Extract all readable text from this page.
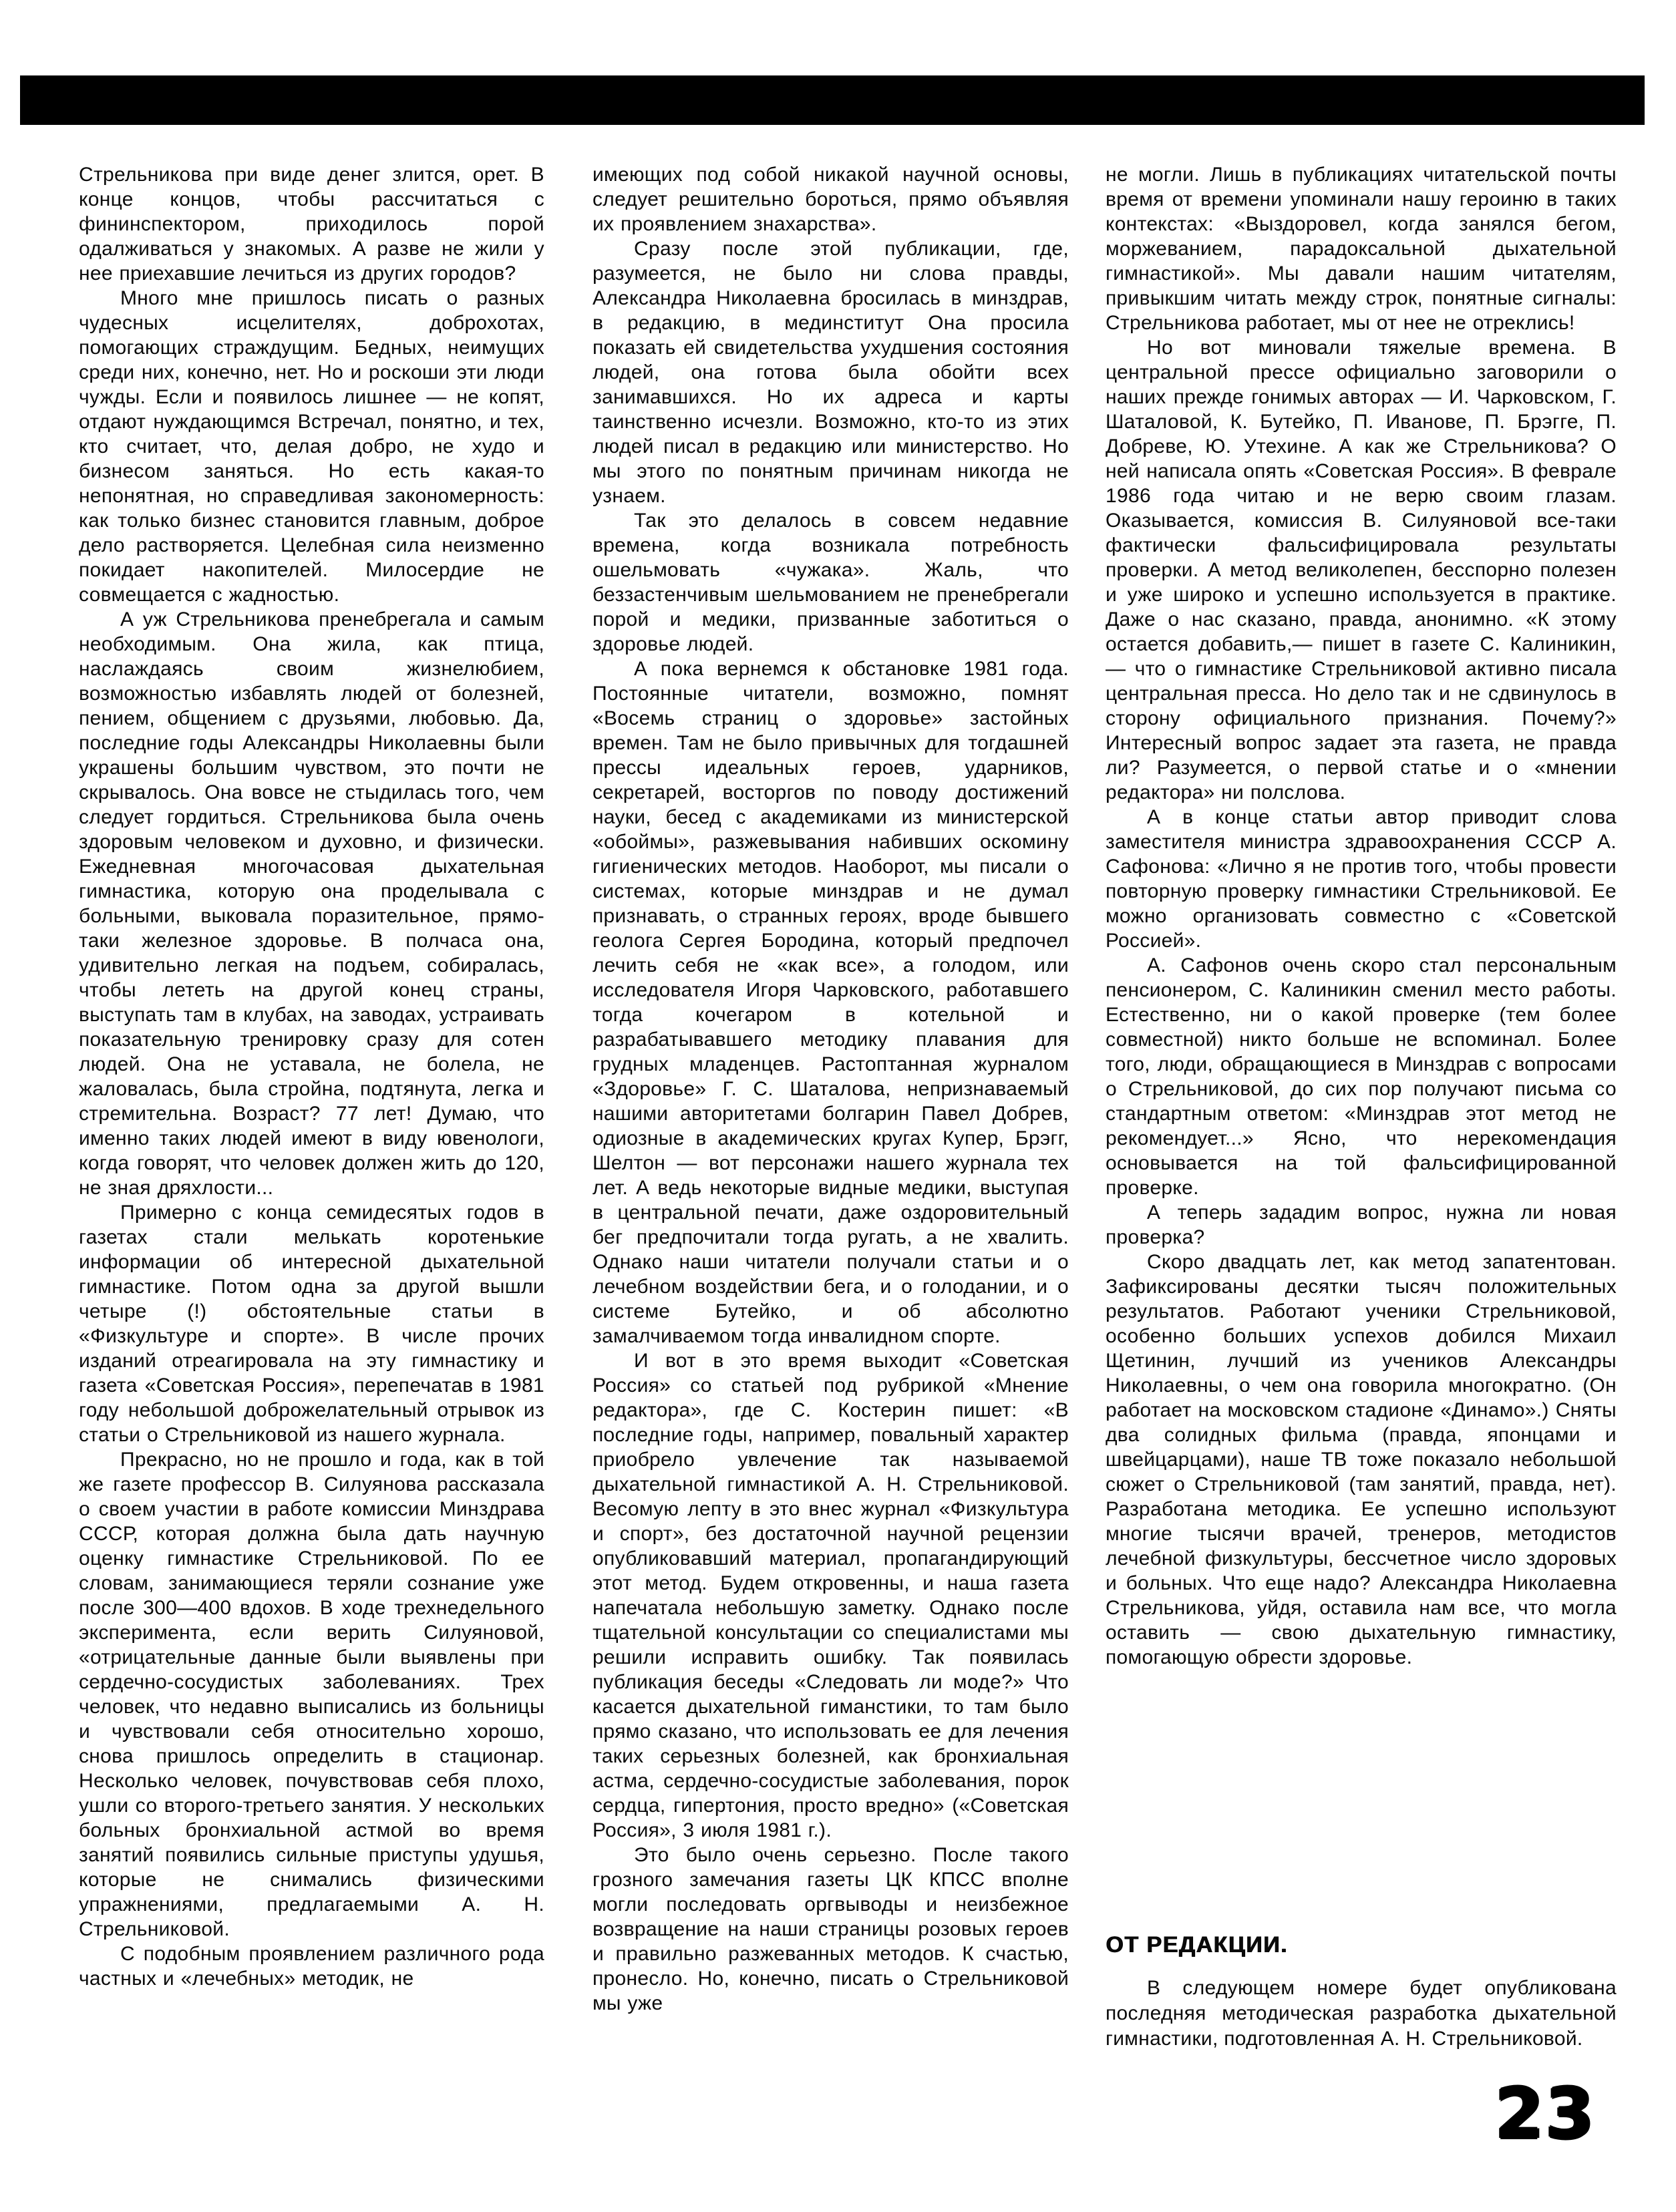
Стрельникова при виде денег злится, орет. В конце концов, чтобы рассчитаться с фининспектором, приходилось порой одалживаться у знакомых. А разве не жили у нее приехавшие лечиться из других городов?

Много мне пришлось писать о разных чудесных исцелителях, доброхотах, помогающих страждущим. Бедных, неимущих среди них, конечно, нет. Но и роскоши эти люди чужды. Если и появилось лишнее — не копят, отдают нуждающимся Встречал, понятно, и тех, кто считает, что, делая добро, не худо и бизнесом заняться. Но есть какая-то непонятная, но справедливая закономерность: как только бизнес становится главным, доброе дело растворяется. Целебная сила неизменно покидает накопителей. Милосердие не совмещается с жадностью.

А уж Стрельникова пренебрегала и самым необходимым. Она жила, как птица, наслаждаясь своим жизнелюбием, возможностью избавлять людей от болезней, пением, общением с друзьями, любовью. Да, последние годы Александры Николаевны были украшены большим чувством, это почти не скрывалось. Она вовсе не стыдилась того, чем следует гордиться. Стрельникова была очень здоровым человеком и духовно, и физически. Ежедневная многочасовая дыхательная гимнастика, которую она проделывала с больными, выковала поразительное, прямо-таки железное здоровье. В полчаса она, удивительно легкая на подъем, собиралась, чтобы лететь на другой конец страны, выступать там в клубах, на заводах, устраивать показательную тренировку сразу для сотен людей. Она не уставала, не болела, не жаловалась, была стройна, подтянута, легка и стремительна. Возраст? 77 лет! Думаю, что именно таких людей имеют в виду ювенологи, когда говорят, что человек должен жить до 120, не зная дряхлости...

Примерно с конца семидесятых годов в газетах стали мелькать коротенькие информации об интересной дыхательной гимнастике. Потом одна за другой вышли четыре (!) обстоятельные статьи в «Физкультуре и спорте». В числе прочих изданий отреагировала на эту гимнастику и газета «Советская Россия», перепечатав в 1981 году небольшой доброжелательный отрывок из статьи о Стрельниковой из нашего журнала.

Прекрасно, но не прошло и года, как в той же газете профессор В. Силуянова рассказала о своем участии в работе комиссии Минздрава СССР, которая должна была дать научную оценку гимнастике Стрельниковой. По ее словам, занимающиеся теряли сознание уже после 300—400 вдохов. В ходе трехнедельного эксперимента, если верить Силуяновой, «отрицательные данные были выявлены при сердечно-сосудистых заболеваниях. Трех человек, что недавно выписались из больницы и чувствовали себя относительно хорошо, снова пришлось определить в стационар. Несколько человек, почувствовав себя плохо, ушли со второго-третьего занятия. У нескольких больных бронхиальной астмой во время занятий появились сильные приступы удушья, которые не снимались физическими упражнениями, предлагаемыми А. Н. Стрельниковой.

С подобным проявлением различного рода частных и «лечебных» методик, не

имеющих под собой никакой научной основы, следует решительно бороться, прямо объявляя их проявлением знахарства».

Сразу после этой публикации, где, разумеется, не было ни слова правды, Александра Николаевна бросилась в минздрав, в редакцию, в мединститут Она просила показать ей свидетельства ухудшения состояния людей, она готова была обойти всех занимавшихся. Но их адреса и карты таинственно исчезли. Возможно, кто-то из этих людей писал в редакцию или министерство. Но мы этого по понятным причинам никогда не узнаем.

Так это делалось в совсем недавние времена, когда возникала потребность ошельмовать «чужака». Жаль, что беззастенчивым шельмованием не пренебрегали порой и медики, призванные заботиться о здоровье людей.

А пока вернемся к обстановке 1981 года. Постоянные читатели, возможно, помнят «Восемь страниц о здоровье» застойных времен. Там не было привычных для тогдашней прессы идеальных героев, ударников, секретарей, восторгов по поводу достижений науки, бесед с академиками из министерской «обоймы», разжевывания набивших оскомину гигиенических методов. Наоборот, мы писали о системах, которые минздрав и не думал признавать, о странных героях, вроде бывшего геолога Сергея Бородина, который предпочел лечить себя не «как все», а голодом, или исследователя Игоря Чарковского, работавшего тогда кочегаром в котельной и разрабатывавшего методику плавания для грудных младенцев. Растоптанная журналом «Здоровье» Г. С. Шаталова, непризнаваемый нашими авторитетами болгарин Павел Добрев, одиозные в академических кругах Купер, Брэгг, Шелтон — вот персонажи нашего журнала тех лет. А ведь некоторые видные медики, выступая в центральной печати, даже оздоровительный бег предпочитали тогда ругать, а не хвалить. Однако наши читатели получали статьи и о лечебном воздействии бега, и о голодании, и о системе Бутейко, и об абсолютно замалчиваемом тогда инвалидном спорте.

И вот в это время выходит «Советская Россия» со статьей под рубрикой «Мнение редактора», где С. Костерин пишет: «В последние годы, например, повальный характер приобрело увлечение так называемой дыхательной гимнастикой А. Н. Стрельниковой. Весомую лепту в это внес журнал «Физкультура и спорт», без достаточной научной рецензии опубликовавший материал, пропагандирующий этот метод. Будем откровенны, и наша газета напечатала небольшую заметку. Однако после тщательной консультации со специалистами мы решили исправить ошибку. Так появилась публикация беседы «Следовать ли моде?» Что касается дыхательной гиманстики, то там было прямо сказано, что использовать ее для лечения таких серьезных болезней, как бронхиальная астма, сердечно-сосудистые заболевания, порок сердца, гипертония, просто вредно» («Советская Россия», 3 июля 1981 г.).

Это было очень серьезно. После такого грозного замечания газеты ЦК КПСС вполне могли последовать оргвыводы и неизбежное возвращение на наши страницы розовых героев и правильно разжеванных методов. К счастью, пронесло. Но, конечно, писать о Стрельниковой мы уже

не могли. Лишь в публикациях читательской почты время от времени упоминали нашу героиню в таких контекстах: «Выздоровел, когда занялся бегом, моржеванием, парадоксальной дыхательной гимнастикой». Мы давали нашим читателям, привыкшим читать между строк, понятные сигналы: Стрельникова работает, мы от нее не отреклись!

Но вот миновали тяжелые времена. В центральной прессе официально заговорили о наших прежде гонимых авторах — И. Чарковском, Г. Шаталовой, К. Бутейко, П. Иванове, П. Брэгге, П. Добреве, Ю. Утехине. А как же Стрельникова? О ней написала опять «Советская Россия». В феврале 1986 года читаю и не верю своим глазам. Оказывается, комиссия В. Силуяновой все-таки фактически фальсифицировала результаты проверки. А метод великолепен, бесспорно полезен и уже широко и успешно используется в практике. Даже о нас сказано, правда, анонимно. «К этому остается добавить,— пишет в газете С. Калиникин,— что о гимнастике Стрельниковой активно писала центральная пресса. Но дело так и не сдвинулось в сторону официального признания. Почему?» Интересный вопрос задает эта газета, не правда ли? Разумеется, о первой статье и о «мнении редактора» ни полслова.

А в конце статьи автор приводит слова заместителя министра здравоохранения СССР А. Сафонова: «Лично я не против того, чтобы провести повторную проверку гимнастики Стрельниковой. Ее можно организовать совместно с «Советской Россией».

А. Сафонов очень скоро стал персональным пенсионером, С. Калиникин сменил место работы. Естественно, ни о какой проверке (тем более совместной) никто больше не вспоминал. Более того, люди, обращающиеся в Минздрав с вопросами о Стрельниковой, до сих пор получают письма со стандартным ответом: «Минздрав этот метод не рекомендует...» Ясно, что нерекомендация основывается на той фальсифицированной проверке.

А теперь зададим вопрос, нужна ли новая проверка?

Скоро двадцать лет, как метод запатентован. Зафиксированы десятки тысяч положительных результатов. Работают ученики Стрельниковой, особенно больших успехов добился Михаил Щетинин, лучший из учеников Александры Николаевны, о чем она говорила многократно. (Он работает на московском стадионе «Динамо».) Сняты два солидных фильма (правда, японцами и швейцарцами), наше ТВ тоже показало небольшой сюжет о Стрельниковой (там занятий, правда, нет). Разработана методика. Ее успешно используют многие тысячи врачей, тренеров, методистов лечебной физкультуры, бессчетное число здоровых и больных. Что еще надо? Александра Николаевна Стрельникова, уйдя, оставила нам все, что могла оставить — свою дыхательную гимнастику, помогающую обрести здоровье.

ОТ РЕДАКЦИИ.

В следующем номере будет опубликована последняя методическая разработка дыхательной гимнастики, подготовленная А. Н. Стрельниковой.

23
